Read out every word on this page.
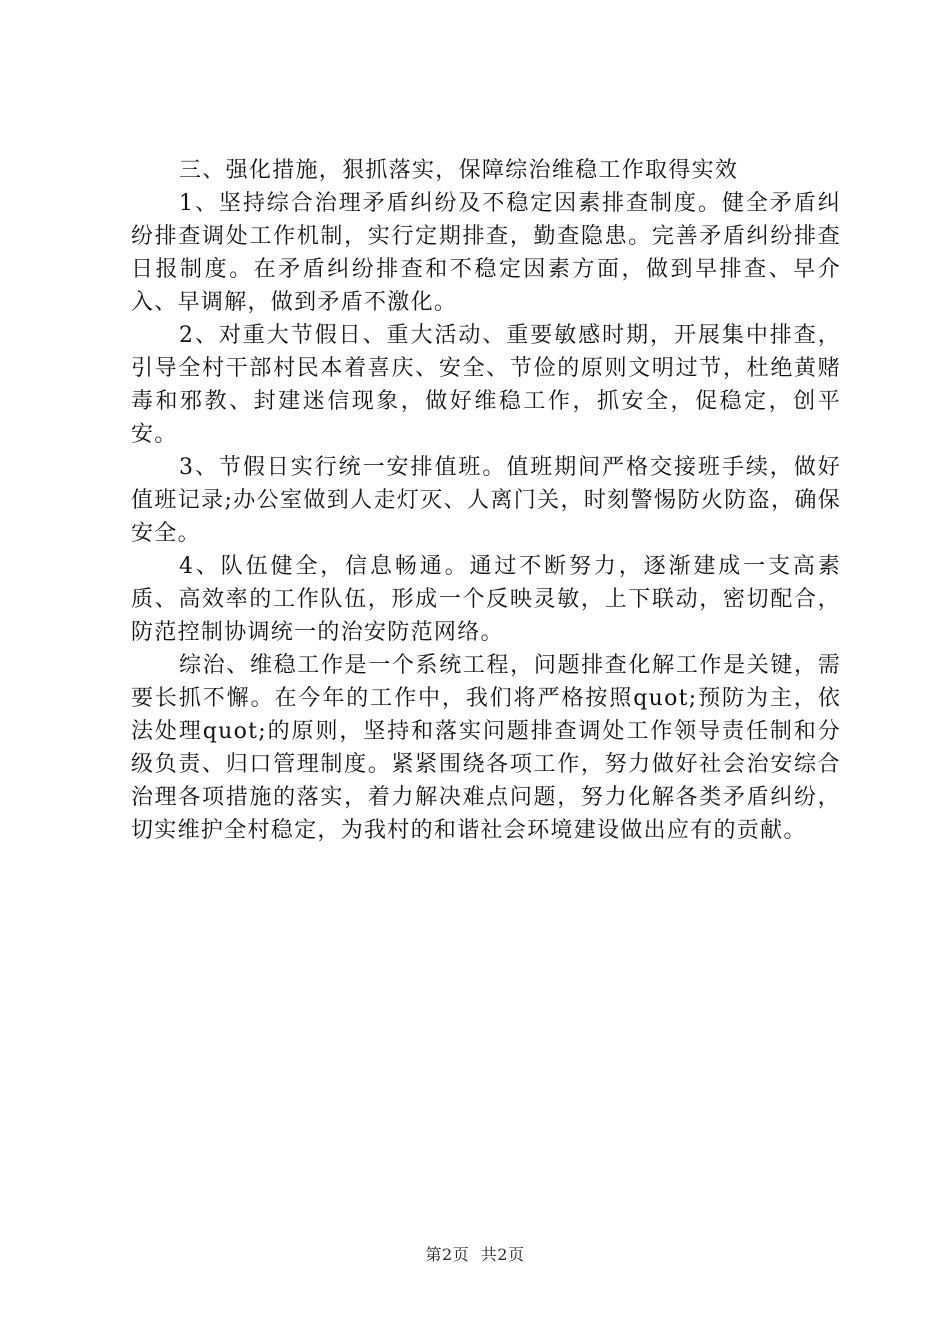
三、强化措施，狠抓落实，保障综治维稳工作取得实效

1、坚持综合治理矛盾纠纷及不稳定因素排查制度。健全矛盾纠纷排查调处工作机制，实行定期排查，勤查隐患。完善矛盾纠纷排查日报制度。在矛盾纠纷排查和不稳定因素方面，做到早排查、早介入、早调解，做到矛盾不激化。

2、对重大节假日、重大活动、重要敏感时期，开展集中排查，引导全村干部村民本着喜庆、安全、节俭的原则文明过节，杜绝黄赌毒和邪教、封建迷信现象，做好维稳工作，抓安全，促稳定，创平安。

3、节假日实行统一安排值班。值班期间严格交接班手续，做好值班记录;办公室做到人走灯灭、人离门关，时刻警惕防火防盗，确保安全。

4、队伍健全，信息畅通。通过不断努力，逐渐建成一支高素质、高效率的工作队伍，形成一个反映灵敏，上下联动，密切配合，防范控制协调统一的治安防范网络。

综治、维稳工作是一个系统工程，问题排查化解工作是关键，需要长抓不懈。在今年的工作中，我们将严格按照quot;预防为主，依法处理quot;的原则，坚持和落实问题排查调处工作领导责任制和分级负责、归口管理制度。紧紧围绕各项工作，努力做好社会治安综合治理各项措施的落实，着力解决难点问题，努力化解各类矛盾纠纷，切实维护全村稳定，为我村的和谐社会环境建设做出应有的贡献。

第2页 共2页
